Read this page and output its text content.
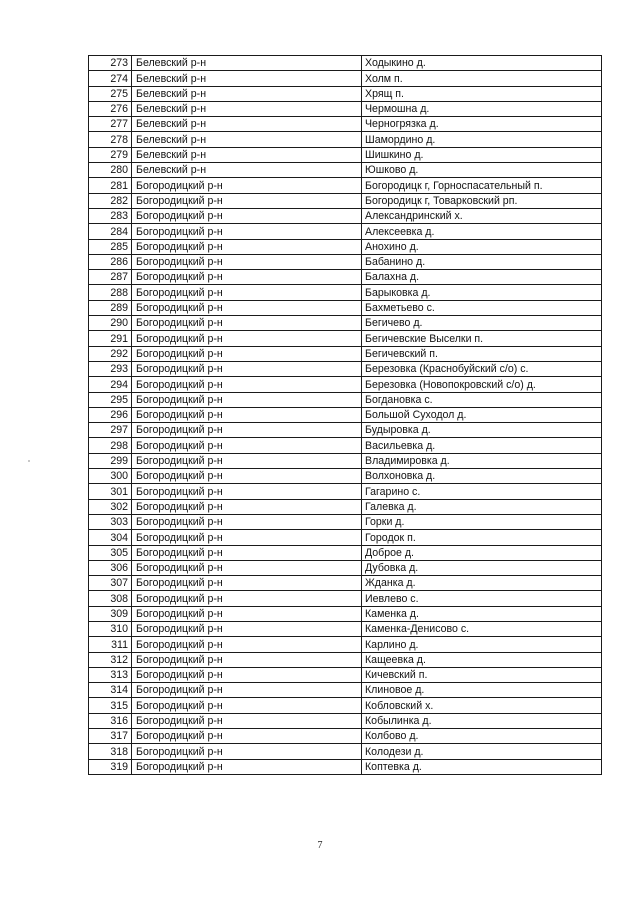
273	Белевский р-н	Ходыкино д.
274	Белевский р-н	Холм п.
275	Белевский р-н	Хрящ п.
276	Белевский р-н	Чермошна д.
277	Белевский р-н	Черногрязка д.
278	Белевский р-н	Шамордино д.
279	Белевский р-н	Шишкино д.
280	Белевский р-н	Юшково д.
281	Богородицкий р-н	Богородицк г, Горноспасательный п.
282	Богородицкий р-н	Богородицк г, Товарковский рп.
283	Богородицкий р-н	Александринский х.
284	Богородицкий р-н	Алексеевка д.
285	Богородицкий р-н	Анохино д.
286	Богородицкий р-н	Бабанино д.
287	Богородицкий р-н	Балахна д.
288	Богородицкий р-н	Барыковка д.
289	Богородицкий р-н	Бахметьево с.
290	Богородицкий р-н	Бегичево д.
291	Богородицкий р-н	Бегичевские Выселки п.
292	Богородицкий р-н	Бегичевский п.
293	Богородицкий р-н	Березовка (Краснобуйский с/о) с.
294	Богородицкий р-н	Березовка (Новопокровский с/о) д.
295	Богородицкий р-н	Богдановка с.
296	Богородицкий р-н	Большой Суходол д.
297	Богородицкий р-н	Будыровка д.
298	Богородицкий р-н	Васильевка д.
299	Богородицкий р-н	Владимировка д.
300	Богородицкий р-н	Волхоновка д.
301	Богородицкий р-н	Гагарино с.
302	Богородицкий р-н	Галевка д.
303	Богородицкий р-н	Горки д.
304	Богородицкий р-н	Городок п.
305	Богородицкий р-н	Доброе д.
306	Богородицкий р-н	Дубовка д.
307	Богородицкий р-н	Жданка д.
308	Богородицкий р-н	Иевлево с.
309	Богородицкий р-н	Каменка д.
310	Богородицкий р-н	Каменка-Денисово с.
311	Богородицкий р-н	Карлино д.
312	Богородицкий р-н	Кащеевка д.
313	Богородицкий р-н	Кичевский п.
314	Богородицкий р-н	Клиновое д.
315	Богородицкий р-н	Кобловский х.
316	Богородицкий р-н	Кобылинка д.
317	Богородицкий р-н	Колбово д.
318	Богородицкий р-н	Колодези д.
319	Богородицкий р-н	Коптевка д.
7
